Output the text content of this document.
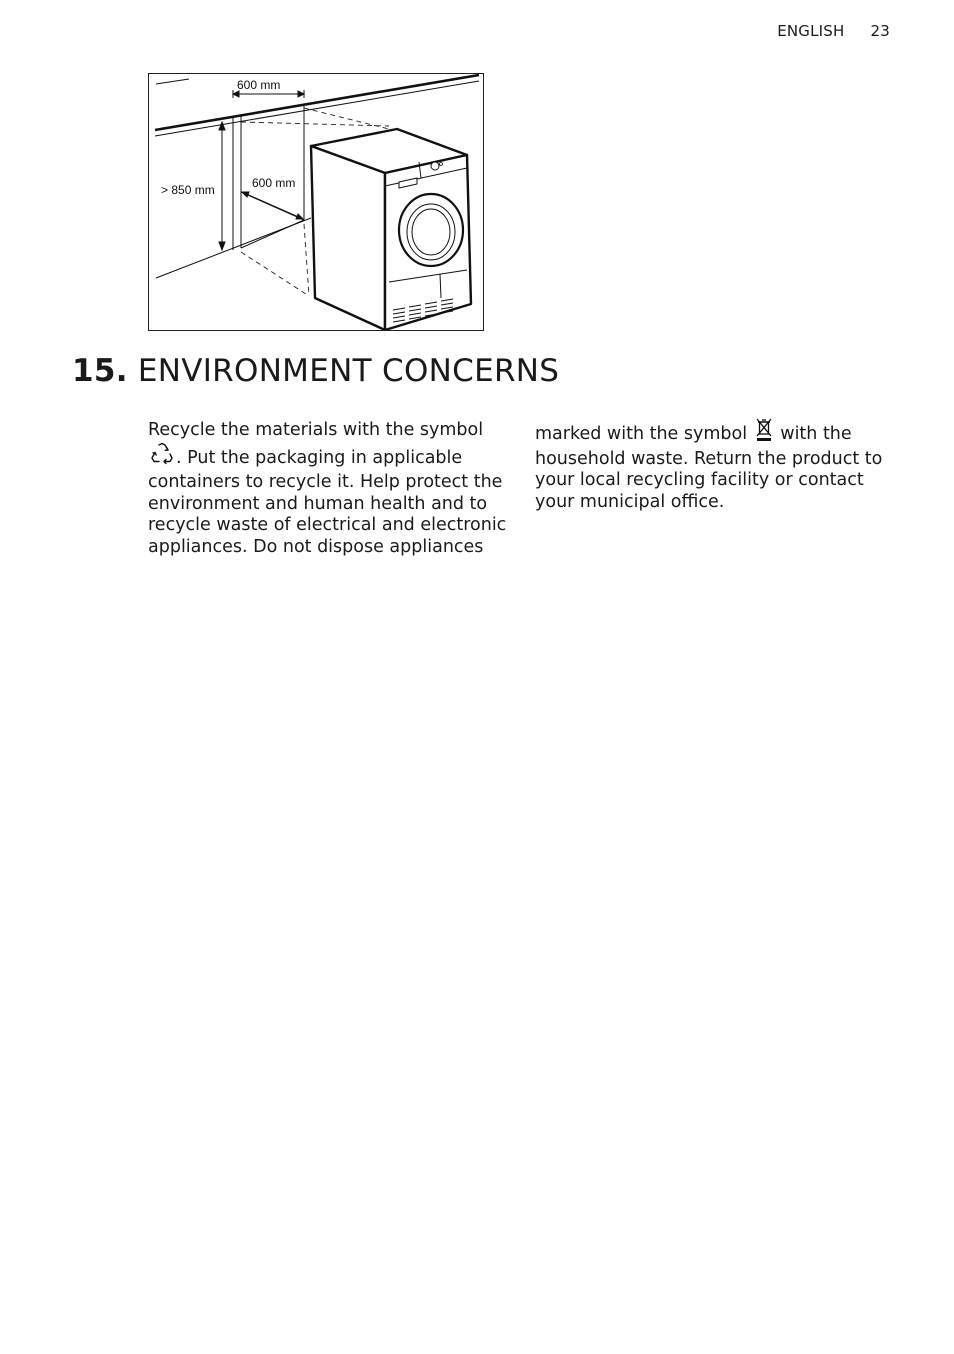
ENGLISH 23
600 mm
> 850 mm	600 mm
15. ENVIRONMENT CONCERNS
Recycle the materials with the symbol . Put the packaging in applicable containers to recycle it. Help protect the environment and human health and to recycle waste of electrical and electronic appliances. Do not dispose appliances
marked with the symbol with the household waste. Return the product to your local recycling facility or contact your municipal office.
